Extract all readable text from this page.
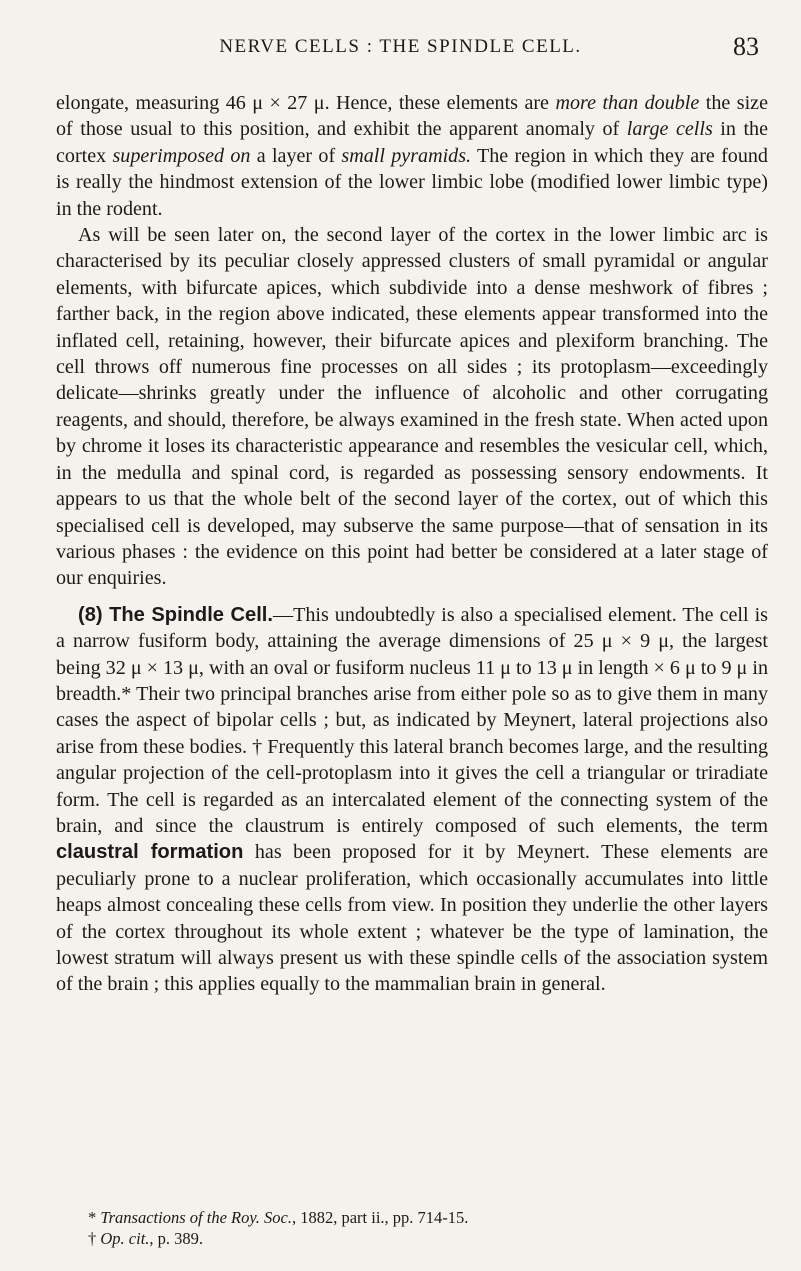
NERVE CELLS : THE SPINDLE CELL.	83

elongate, measuring 46 μ × 27 μ. Hence, these elements are more than double the size of those usual to this position, and exhibit the apparent anomaly of large cells in the cortex superimposed on a layer of small pyramids. The region in which they are found is really the hindmost extension of the lower limbic lobe (modified lower limbic type) in the rodent.

As will be seen later on, the second layer of the cortex in the lower limbic arc is characterised by its peculiar closely appressed clusters of small pyramidal or angular elements, with bifurcate apices, which subdivide into a dense meshwork of fibres ; farther back, in the region above indicated, these elements appear transformed into the inflated cell, retaining, however, their bifurcate apices and plexiform branching. The cell throws off numerous fine processes on all sides ; its protoplasm—exceedingly delicate—shrinks greatly under the influence of alcoholic and other corrugating reagents, and should, therefore, be always examined in the fresh state. When acted upon by chrome it loses its characteristic appearance and resembles the vesicular cell, which, in the medulla and spinal cord, is regarded as possessing sensory endowments. It appears to us that the whole belt of the second layer of the cortex, out of which this specialised cell is developed, may subserve the same purpose—that of sensation in its various phases : the evidence on this point had better be considered at a later stage of our enquiries.

(8) The Spindle Cell.—This undoubtedly is also a specialised element. The cell is a narrow fusiform body, attaining the average dimensions of 25 μ × 9 μ, the largest being 32 μ × 13 μ, with an oval or fusiform nucleus 11 μ to 13 μ in length × 6 μ to 9 μ in breadth.* Their two principal branches arise from either pole so as to give them in many cases the aspect of bipolar cells ; but, as indicated by Meynert, lateral projections also arise from these bodies. † Frequently this lateral branch becomes large, and the resulting angular projection of the cell-protoplasm into it gives the cell a triangular or triradiate form. The cell is regarded as an intercalated element of the connecting system of the brain, and since the claustrum is entirely composed of such elements, the term claustral formation has been proposed for it by Meynert. These elements are peculiarly prone to a nuclear proliferation, which occasionally accumulates into little heaps almost concealing these cells from view. In position they underlie the other layers of the cortex throughout its whole extent ; whatever be the type of lamination, the lowest stratum will always present us with these spindle cells of the association system of the brain ; this applies equally to the mammalian brain in general.

* Transactions of the Roy. Soc., 1882, part ii., pp. 714-15.

† Op. cit., p. 389.
